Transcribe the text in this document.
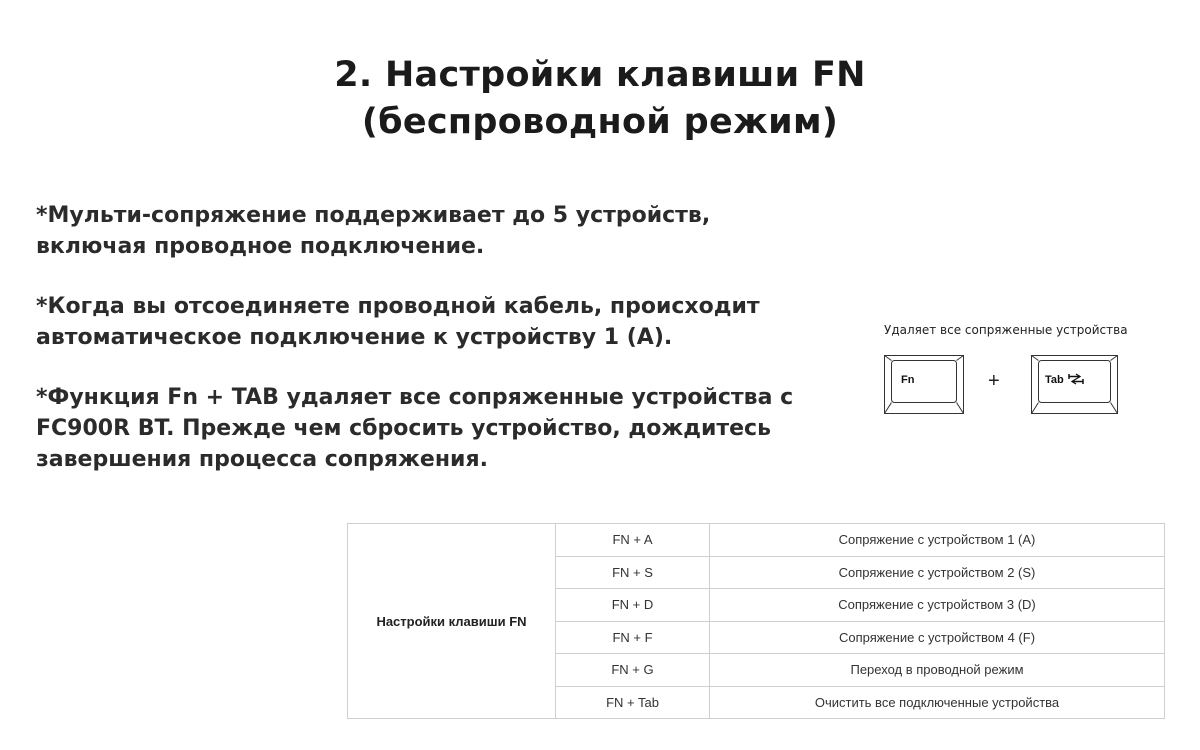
2. Настройки клавиши FN
(беспроводной режим)

*Мульти-сопряжение поддерживает до 5 устройств, включая проводное подключение.

*Когда вы отсоединяете проводной кабель, происходит автоматическое подключение к устройству 1 (A).

*Функция Fn + TAB удаляет все сопряженные устройства с FC900R BT. Прежде чем сбросить устройство, дождитесь завершения процесса сопряжения.

Удаляет все сопряженные устройства
Fn	+	Tab
Настройки клавиши FN	FN + A	Сопряжение с устройством 1 (A)
	FN + S	Сопряжение с устройством 2 (S)
	FN + D	Сопряжение с устройством 3 (D)
	FN + F	Сопряжение с устройством 4 (F)
	FN + G	Переход в проводной режим
	FN + Tab	Очистить все подключенные устройства
